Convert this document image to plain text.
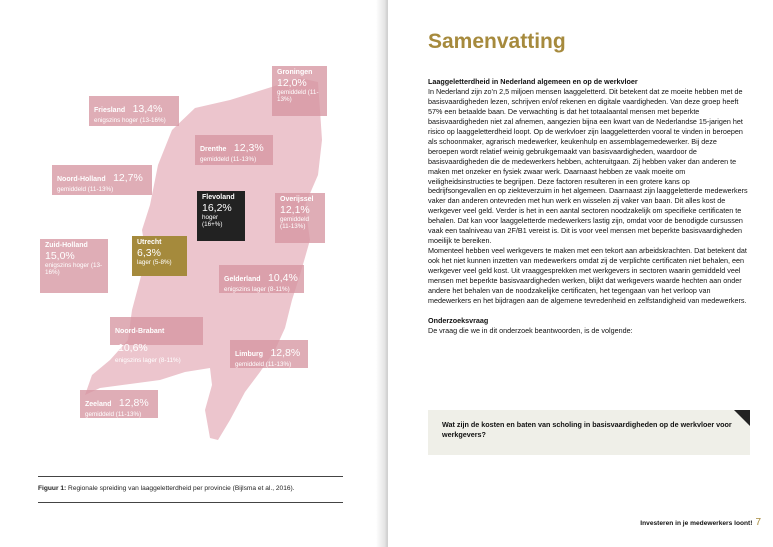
Groningen
12,0%
gemiddeld (11-13%)
Friesland 13,4%
enigszins hoger (13-16%)
Drenthe 12,3%
gemiddeld (11-13%)
Noord-Holland 12,7%
gemiddeld (11-13%)
Flevoland
16,2%
hoger (16+%)
Overijssel
12,1%
gemiddeld (11-13%)
Zuid-Holland
15,0%
enigszins hoger (13-16%)
Utrecht
6,3%
lager (5-8%)
Gelderland 10,4%
enigszins lager (8-11%)
Noord-Brabant 10,6%
enigszins lager (8-11%)
Limburg 12,8%
gemiddeld (11-13%)
Zeeland 12,8%
gemiddeld (11-13%)
Figuur 1: Regionale spreiding van laaggeletterdheid per provincie (Bijlsma et al., 2016).
Samenvatting

Laaggeletterdheid in Nederland algemeen en op de werkvloer

In Nederland zijn zo’n 2,5 miljoen mensen laaggeletterd. Dit betekent dat ze moeite hebben met de basisvaardigheden lezen, schrijven en/of rekenen en digitale vaardigheden. Van deze groep heeft 57% een betaalde baan. De verwachting is dat het totaalaantal mensen met beperkte basisvaardigheden niet zal afnemen, aangezien bijna een kwart van de Nederlandse 15-jarigen het risico op laaggeletterdheid loopt. Op de werkvloer zijn laaggeletterden vooral te vinden in beroepen als schoonmaker, agrarisch medewerker, keukenhulp en assemblagemedewerker. Bij deze beroepen wordt relatief weinig gebruikgemaakt van basisvaardigheden, waardoor de basisvaardigheden die de medewerkers hebben, achteruitgaan. Zij hebben vaker dan anderen te maken met onzeker en fysiek zwaar werk. Daarnaast hebben ze vaak moeite om veiligheidsinstructies te begrijpen. Deze factoren resulteren in een grotere kans op bedrijfsongevallen en op ziekteverzuim in het algemeen. Daarnaast zijn laaggeletterde medewerkers vaker dan anderen ontevreden met hun werk en wisselen zij vaker van baan. Dit alles kost de werkgever veel geld. Verder is het in een aantal sectoren noodzakelijk om specifieke certificaten te behalen. Dat kan voor laaggeletterde medewerkers lastig zijn, omdat voor de benodigde cursussen vaak een taalniveau van 2F/B1 vereist is. Dit is voor veel mensen met beperkte basisvaardigheden moeilijk te bereiken.

Momenteel hebben veel werkgevers te maken met een tekort aan arbeidskrachten. Dat betekent dat ook het niet kunnen inzetten van medewerkers omdat zij de verplichte certificaten niet behalen, een werkgever veel geld kost. Uit vraaggesprekken met werkgevers in sectoren waarin gemiddeld veel mensen met beperkte basisvaardigheden werken, blijkt dat werkgevers waarde hechten aan onder andere het behalen van de noodzakelijke certificaten, het tegengaan van het verloop van medewerkers en het bijdragen aan de algemene tevredenheid en zelfstandigheid van medewerkers.

Onderzoeksvraag

De vraag die we in dit onderzoek beantwoorden, is de volgende:

Wat zijn de kosten en baten van scholing in basisvaardigheden op de werkvloer voor werkgevers?
Investeren in je medewerkers loont! 7
